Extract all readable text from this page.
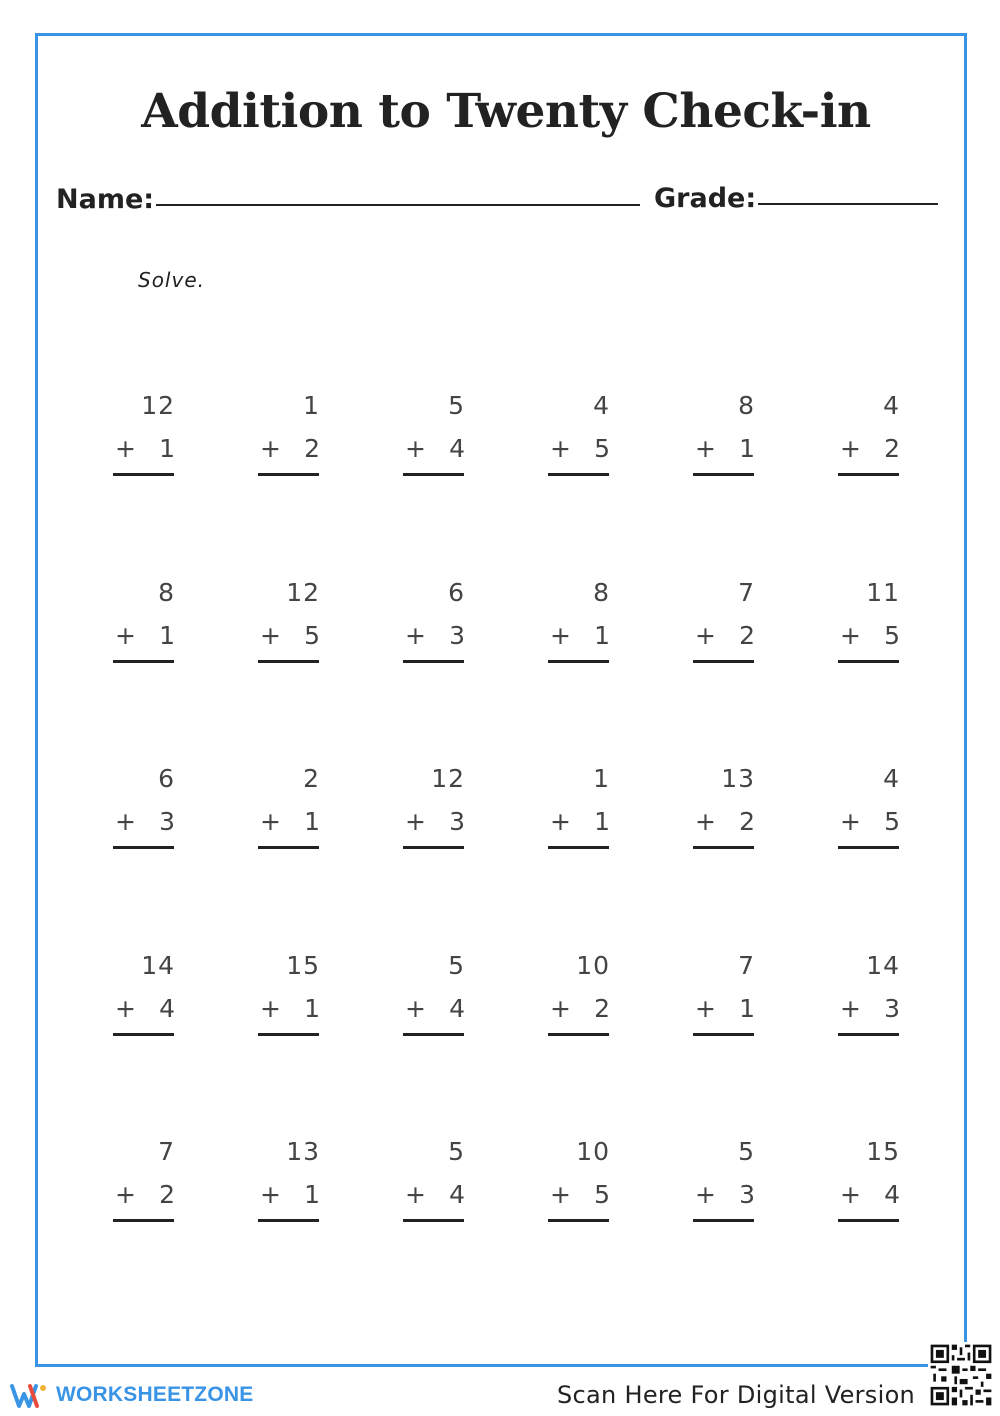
Addition to Twenty Check-in
Name:	Grade:
Solve.
12
+ 1
1
+ 2
5
+ 4
4
+ 5
8
+ 1
4
+ 2
8
+ 1
12
+ 5
6
+ 3
8
+ 1
7
+ 2
11
+ 5
6
+ 3
2
+ 1
12
+ 3
1
+ 1
13
+ 2
4
+ 5
14
+ 4
15
+ 1
5
+ 4
10
+ 2
7
+ 1
14
+ 3
7
+ 2
13
+ 1
5
+ 4
10
+ 5
5
+ 3
15
+ 4
WORKSHEETZONE	Scan Here For Digital Version
